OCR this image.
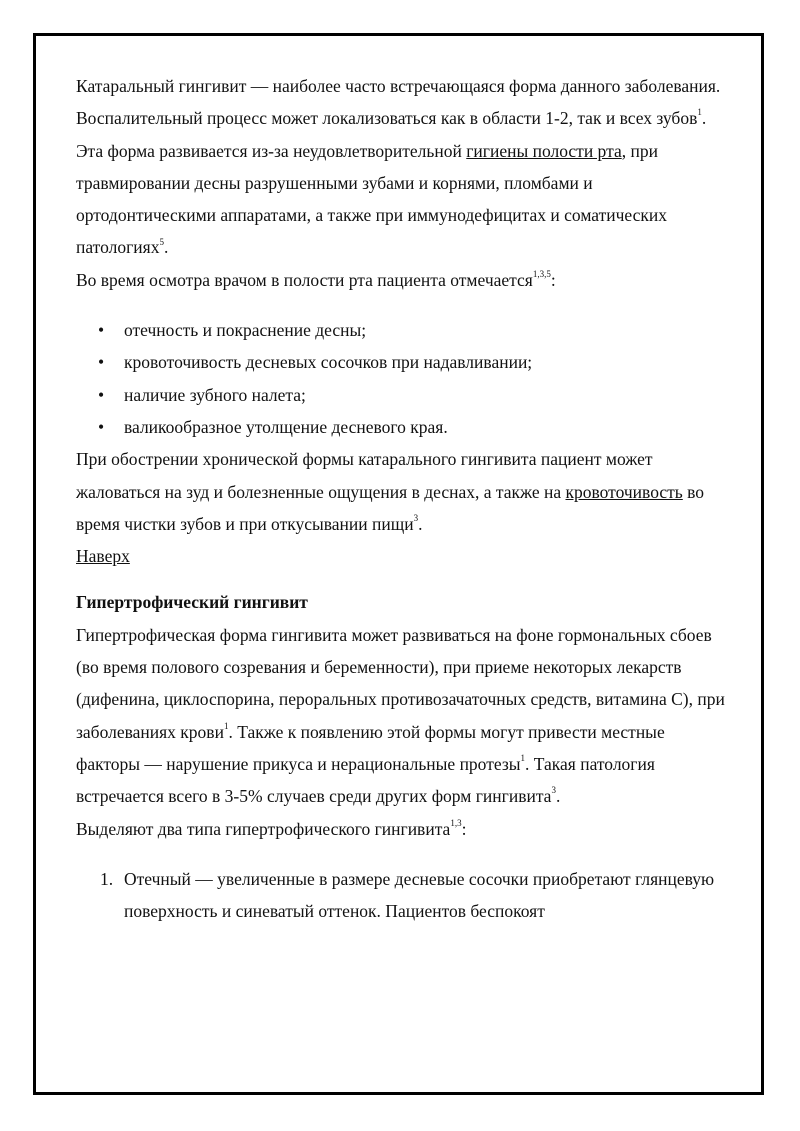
Катаральный гингивит — наиболее часто встречающаяся форма данного заболевания. Воспалительный процесс может локализоваться как в области 1-2, так и всех зубов$^1$.

Эта форма развивается из-за неудовлетворительной гигиены полости рта, при травмировании десны разрушенными зубами и корнями, пломбами и ортодонтическими аппаратами, а также при иммунодефицитах и соматических патологиях$^5$.

Во время осмотра врачом в полости рта пациента отмечается$^{1,3,5}$:

• отечность и покраснение десны;
• кровоточивость десневых сосочков при надавливании;
• наличие зубного налета;
• валикообразное утолщение десневого края.

При обострении хронической формы катарального гингивита пациент может жаловаться на зуд и болезненные ощущения в деснах, а также на кровоточивость во время чистки зубов и при откусывании пищи$^3$.

Наверх

Гипертрофический гингивит

Гипертрофическая форма гингивита может развиваться на фоне гормональных сбоев (во время полового созревания и беременности), при приеме некоторых лекарств (дифенина, циклоспорина, пероральных противозачаточных средств, витамина С), при заболеваниях крови$^1$. Также к появлению этой формы могут привести местные факторы — нарушение прикуса и нерациональные протезы$^1$. Такая патология встречается всего в 3-5% случаев среди других форм гингивита$^3$.

Выделяют два типа гипертрофического гингивита$^{1,3}$:

1. Отечный — увеличенные в размере десневые сосочки приобретают глянцевую поверхность и синеватый оттенок. Пациентов беспокоят
